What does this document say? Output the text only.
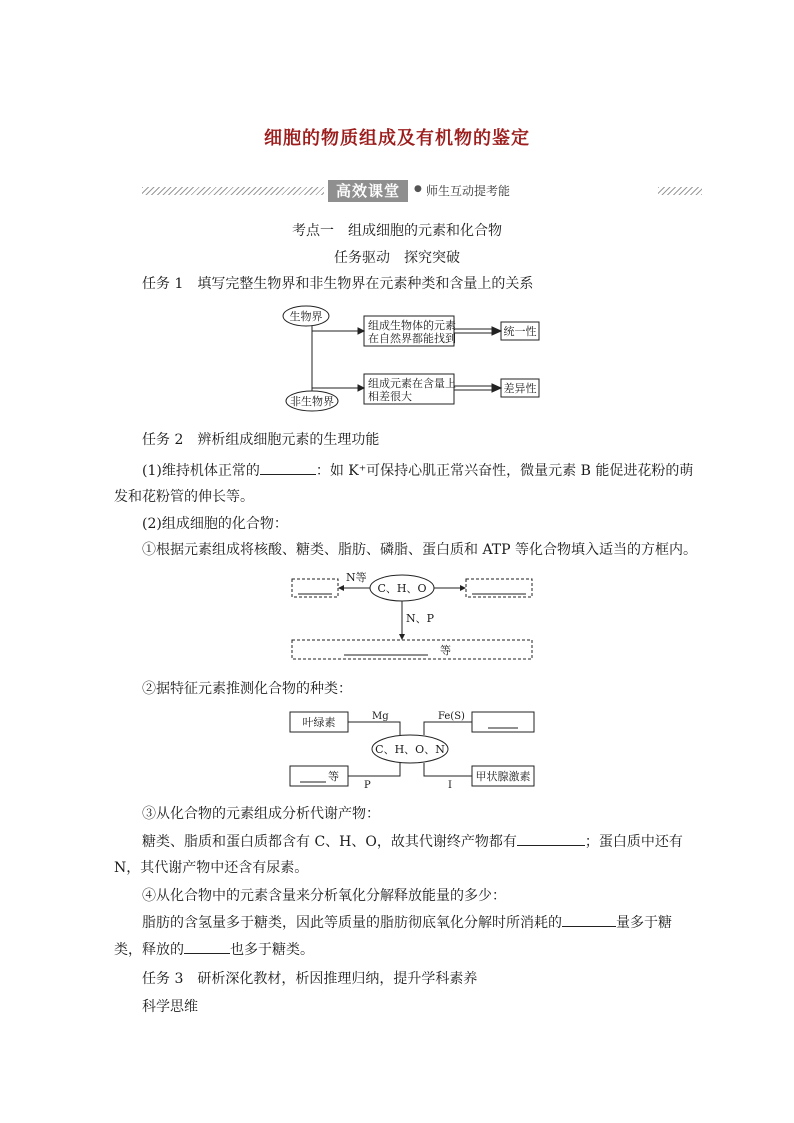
细胞的物质组成及有机物的鉴定
高效课堂	● 师生互动提考能
考点一　组成细胞的元素和化合物
任务驱动　探究突破
任务 1　填写完整生物界和非生物界在元素种类和含量上的关系
生物界
非生物界
组成生物体的元素
在自然界都能找到
组成元素在含量上
相差很大
统一性
差异性
任务 2　辨析组成细胞元素的生理功能
(1)维持机体正常的	：如 K⁺可保持心肌正常兴奋性，微量元素 B 能促进花粉的萌
发和花粉管的伸长等。
(2)组成细胞的化合物：
①根据元素组成将核酸、糖类、脂肪、磷脂、蛋白质和 ATP 等化合物填入适当的方框内。
C、H、O
N等
N、P
等
②据特征元素推测化合物的种类：
C、H、O、N
叶绿素
甲状腺激素
Mg	Fe(S)
P	I
等
③从化合物的元素组成分析代谢产物：
糖类、脂质和蛋白质都含有 C、H、O，故其代谢终产物都有	；蛋白质中还有
N，其代谢产物中还含有尿素。
④从化合物中的元素含量来分析氧化分解释放能量的多少：
脂肪的含氢量多于糖类，因此等质量的脂肪彻底氧化分解时所消耗的	量多于糖
类，释放的	也多于糖类。
任务 3　研析深化教材，析因推理归纳，提升学科素养
科学思维
